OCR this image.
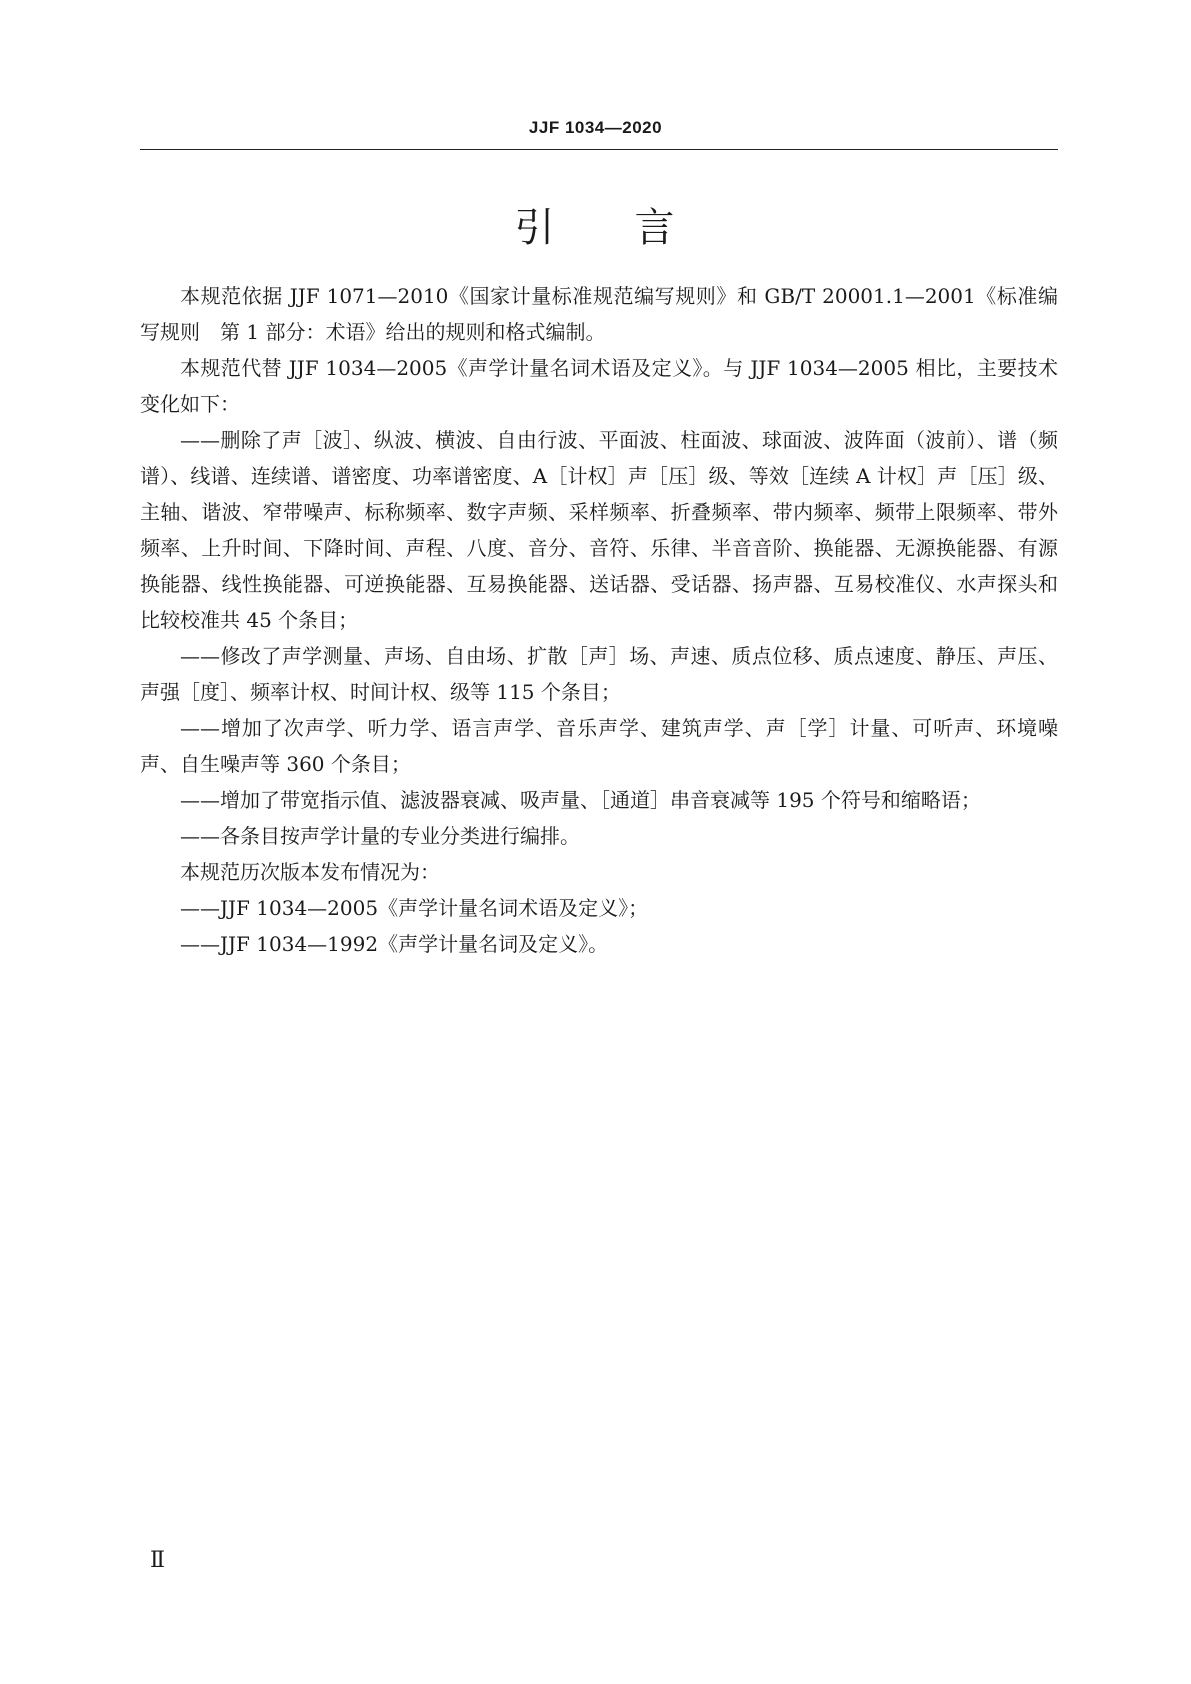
JJF 1034—2020
引 言

本规范依据 JJF 1071—2010《国家计量标准规范编写规则》和 GB/T 20001.1—2001《标准编写规则　第 1 部分：术语》给出的规则和格式编制。

本规范代替 JJF 1034—2005《声学计量名词术语及定义》。与 JJF 1034—2005 相比，主要技术变化如下：

——删除了声［波］、纵波、横波、自由行波、平面波、柱面波、球面波、波阵面（波前）、谱（频谱）、线谱、连续谱、谱密度、功率谱密度、A［计权］声［压］级、等效［连续 A 计权］声［压］级、主轴、谐波、窄带噪声、标称频率、数字声频、采样频率、折叠频率、带内频率、频带上限频率、带外频率、上升时间、下降时间、声程、八度、音分、音符、乐律、半音音阶、换能器、无源换能器、有源换能器、线性换能器、可逆换能器、互易换能器、送话器、受话器、扬声器、互易校准仪、水声探头和比较校准共 45 个条目；

——修改了声学测量、声场、自由场、扩散［声］场、声速、质点位移、质点速度、静压、声压、声强［度］、频率计权、时间计权、级等 115 个条目；

——增加了次声学、听力学、语言声学、音乐声学、建筑声学、声［学］计量、可听声、环境噪声、自生噪声等 360 个条目；

——增加了带宽指示值、滤波器衰减、吸声量、［通道］串音衰减等 195 个符号和缩略语；

——各条目按声学计量的专业分类进行编排。

本规范历次版本发布情况为：

——JJF 1034—2005《声学计量名词术语及定义》；

——JJF 1034—1992《声学计量名词及定义》。

Ⅱ
